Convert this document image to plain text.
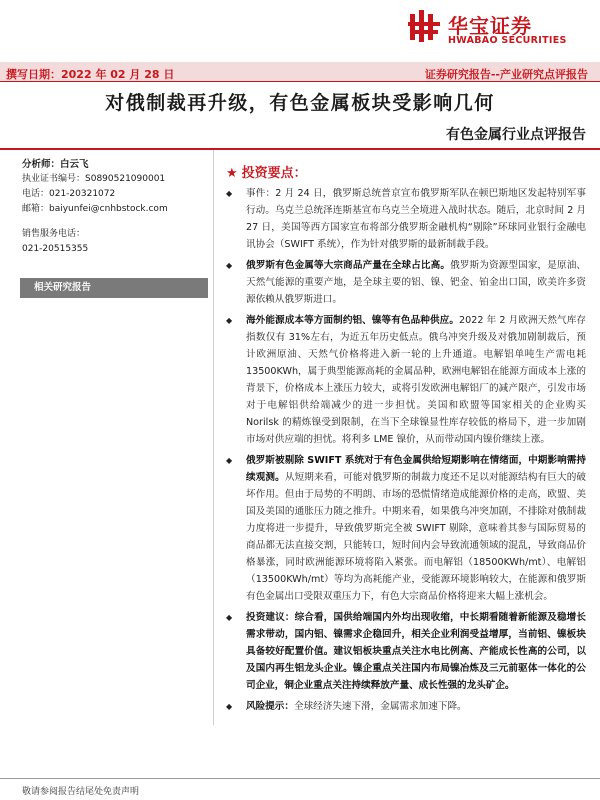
华宝证券
HWABAO SECURITIES
撰写日期：2022 年 02 月 28 日	证券研究报告--产业研究点评报告
对俄制裁再升级，有色金属板块受影响几何
有色金属行业点评报告
分析师：白云飞
执业证书编号：S0890521090001
电话：021-20321072
邮箱：baiyunfei@cnhbstock.com
销售服务电话：
021-20515355
相关研究报告
★ 投资要点：
◆ 事件：2 月 24 日，俄罗斯总统普京宣布俄罗斯军队在顿巴斯地区发起特别军事行动。乌克兰总统泽连斯基宣布乌克兰全境进入战时状态。随后，北京时间 2 月 27 日，美国等西方国家宣布将部分俄罗斯金融机构“剔除”环球同业银行金融电讯协会（SWIFT 系统），作为针对俄罗斯的最新制裁手段。
◆ 俄罗斯有色金属等大宗商品产量在全球占比高。俄罗斯为资源型国家，是原油、天然气能源的重要产地，是全球主要的铝、镍、钯金、铂金出口国，欧美许多资源依赖从俄罗斯进口。
◆ 海外能源成本等方面制约铝、镍等有色品种供应。2022 年 2 月欧洲天然气库存指数仅有 31%左右，为近五年历史低点。俄乌冲突升级及对俄加剧制裁后，预计欧洲原油、天然气价格将进入新一轮的上升通道。电解铝单吨生产需电耗 13500KWh，属于典型能源高耗的金属品种，欧洲电解铝在能源方面成本上涨的背景下，价格成本上涨压力较大，或将引发欧洲电解铝厂的减产限产，引发市场对于电解铝供给端减少的进一步担忧。美国和欧盟等国家相关的企业购买 Norilsk 的精炼镍受到限制，在当下全球镍显性库存较低的格局下，进一步加剧市场对供应端的担忧。将利多 LME 镍价，从而带动国内镍价继续上涨。
◆ 俄罗斯被剔除 SWIFT 系统对于有色金属供给短期影响在情绪面，中期影响需持续观测。从短期来看，可能对俄罗斯的制裁力度还不足以对能源结构有巨大的破坏作用。但由于局势的不明朗、市场的恐慌情绪造成能源价格的走高，欧盟、美国及美国的通胀压力随之推升。中期来看，如果俄乌冲突加剧，不排除对俄制裁力度将进一步提升，导致俄罗斯完全被 SWIFT 剔除，意味着其参与国际贸易的商品都无法直接交割，只能转口，短时间内会导致流通领域的混乱，导致商品价格暴涨，同时欧洲能源环境将陷入紧张。而电解铝（18500KWh/mt）、电解铝（13500KWh/mt）等均为高耗能产业，受能源环境影响较大，在能源和俄罗斯有色金属出口受限双重压力下，有色大宗商品价格将迎来大幅上涨机会。
◆ 投资建议：综合看，国供给端国内外均出现收缩，中长期看随着新能源及稳增长需求带动，国内铝、镍需求企稳回升，相关企业利润受益增厚，当前铝、镍板块具备较好配置价值。建议铝板块重点关注水电比例高、产能成长性高的公司，以及国内再生铝龙头企业。镍企重点关注国内布局镍冶炼及三元前驱体一体化的公司企业，铜企业重点关注持续释放产量、成长性强的龙头矿企。
◆ 风险提示：全球经济失速下滑，金属需求加速下降。
敬请参阅报告结尾处免责声明
